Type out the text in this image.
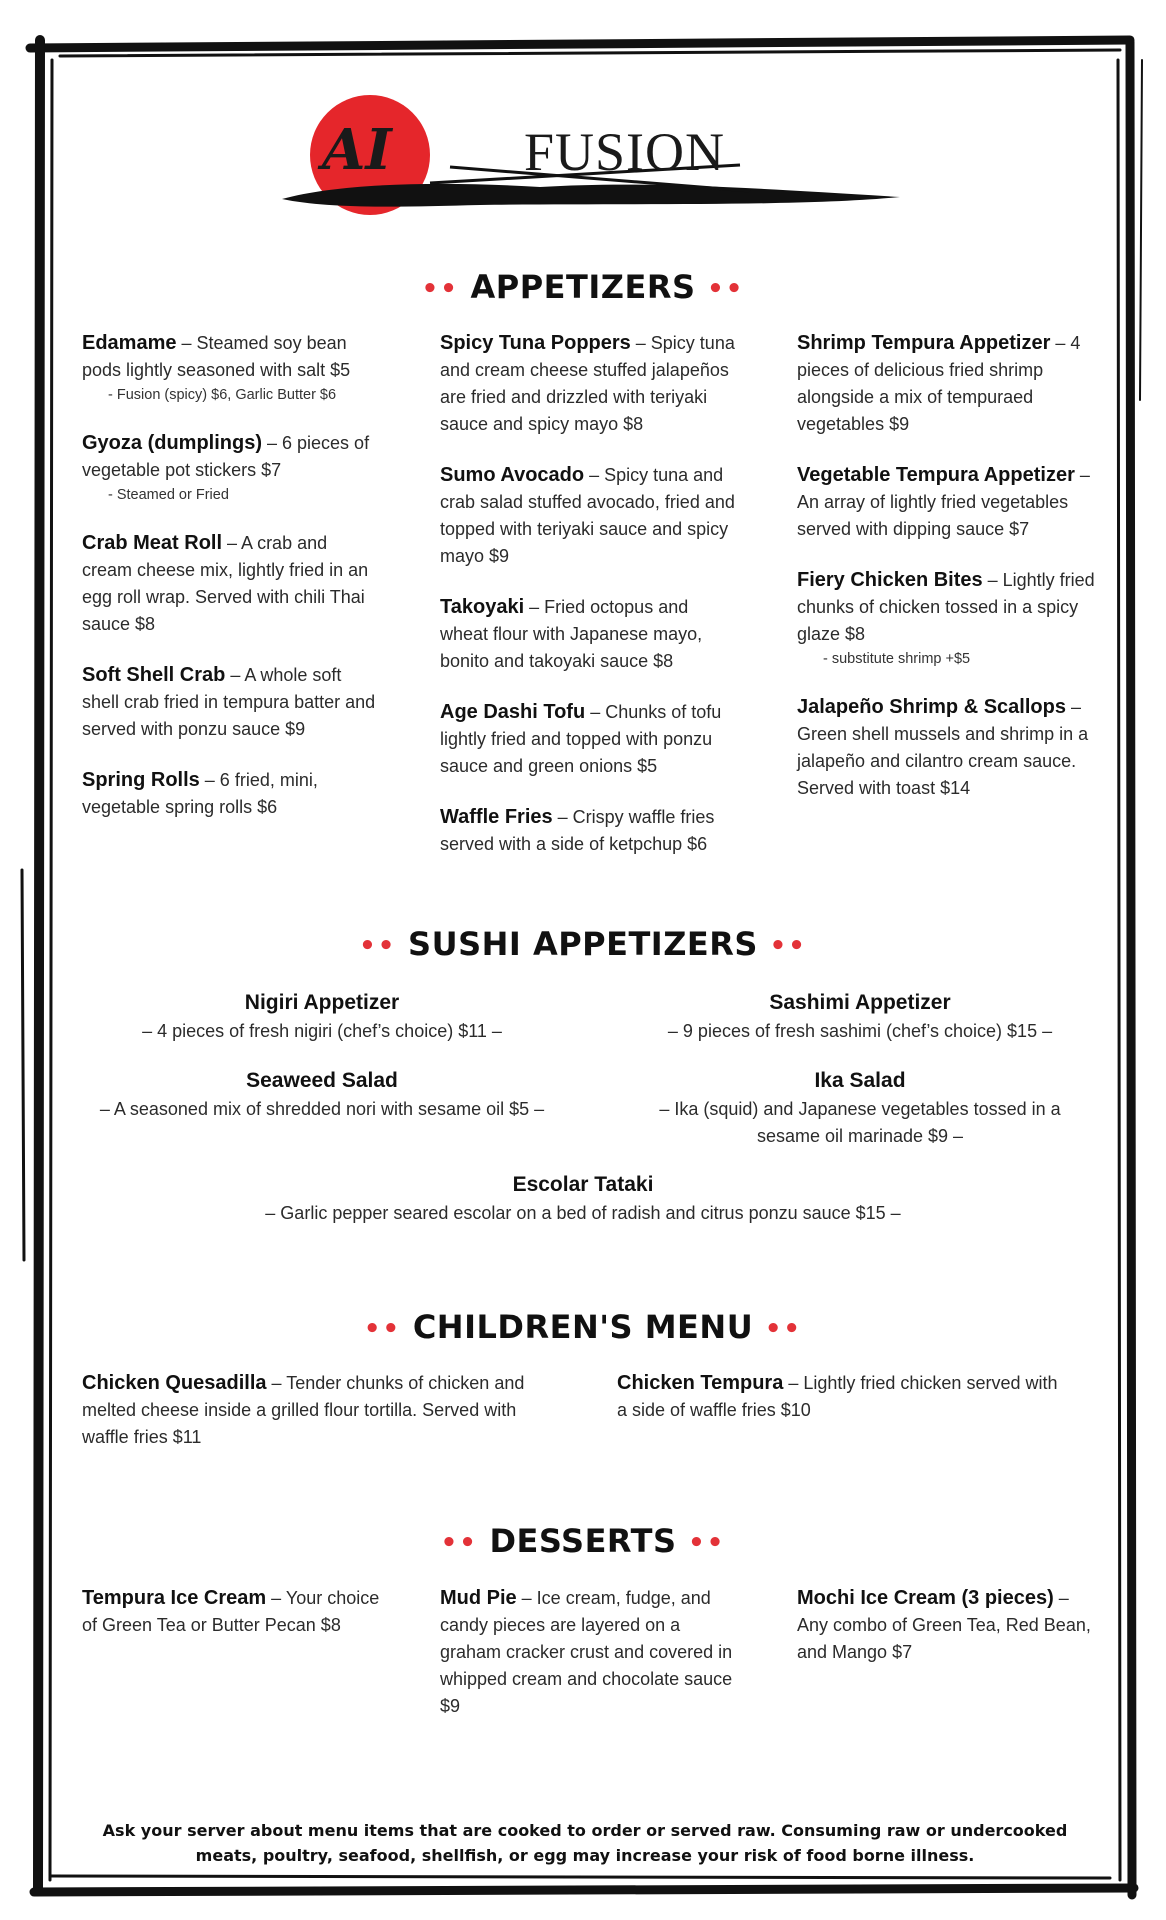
AI FUSION
•• APPETIZERS ••
Edamame – Steamed soy bean pods lightly seasoned with salt $5
- Fusion (spicy) $6, Garlic Butter $6
Gyoza (dumplings) – 6 pieces of vegetable pot stickers $7
- Steamed or Fried
Crab Meat Roll – A crab and cream cheese mix, lightly fried in an egg roll wrap. Served with chili Thai sauce $8
Soft Shell Crab – A whole soft shell crab fried in tempura batter and served with ponzu sauce $9
Spring Rolls – 6 fried, mini, vegetable spring rolls $6
Spicy Tuna Poppers – Spicy tuna and cream cheese stuffed jalapeños are fried and drizzled with teriyaki sauce and spicy mayo $8
Sumo Avocado – Spicy tuna and crab salad stuffed avocado, fried and topped with teriyaki sauce and spicy mayo $9
Takoyaki – Fried octopus and wheat flour with Japanese mayo, bonito and takoyaki sauce $8
Age Dashi Tofu – Chunks of tofu lightly fried and topped with ponzu sauce and green onions $5
Waffle Fries – Crispy waffle fries served with a side of ketpchup $6
Shrimp Tempura Appetizer – 4 pieces of delicious fried shrimp alongside a mix of tempuraed vegetables $9
Vegetable Tempura Appetizer – An array of lightly fried vegetables served with dipping sauce $7
Fiery Chicken Bites – Lightly fried chunks of chicken tossed in a spicy glaze $8
- substitute shrimp +$5
Jalapeño Shrimp & Scallops – Green shell mussels and shrimp in a jalapeño and cilantro cream sauce. Served with toast $14
•• SUSHI APPETIZERS ••
Nigiri Appetizer
– 4 pieces of fresh nigiri (chef’s choice) $11 –
Sashimi Appetizer
– 9 pieces of fresh sashimi (chef’s choice) $15 –
Seaweed Salad
– A seasoned mix of shredded nori with sesame oil $5 –
Ika Salad
– Ika (squid) and Japanese vegetables tossed in a sesame oil marinade $9 –
Escolar Tataki
– Garlic pepper seared escolar on a bed of radish and citrus ponzu sauce $15 –
•• CHILDREN'S MENU ••
Chicken Quesadilla – Tender chunks of chicken and melted cheese inside a grilled flour tortilla. Served with waffle fries $11
Chicken Tempura – Lightly fried chicken served with a side of waffle fries $10
•• DESSERTS ••
Tempura Ice Cream – Your choice of Green Tea or Butter Pecan $8
Mud Pie – Ice cream, fudge, and candy pieces are layered on a graham cracker crust and covered in whipped cream and chocolate sauce $9
Mochi Ice Cream (3 pieces) – Any combo of Green Tea, Red Bean, and Mango $7
Ask your server about menu items that are cooked to order or served raw. Consuming raw or undercooked meats, poultry, seafood, shellfish, or egg may increase your risk of food borne illness.
